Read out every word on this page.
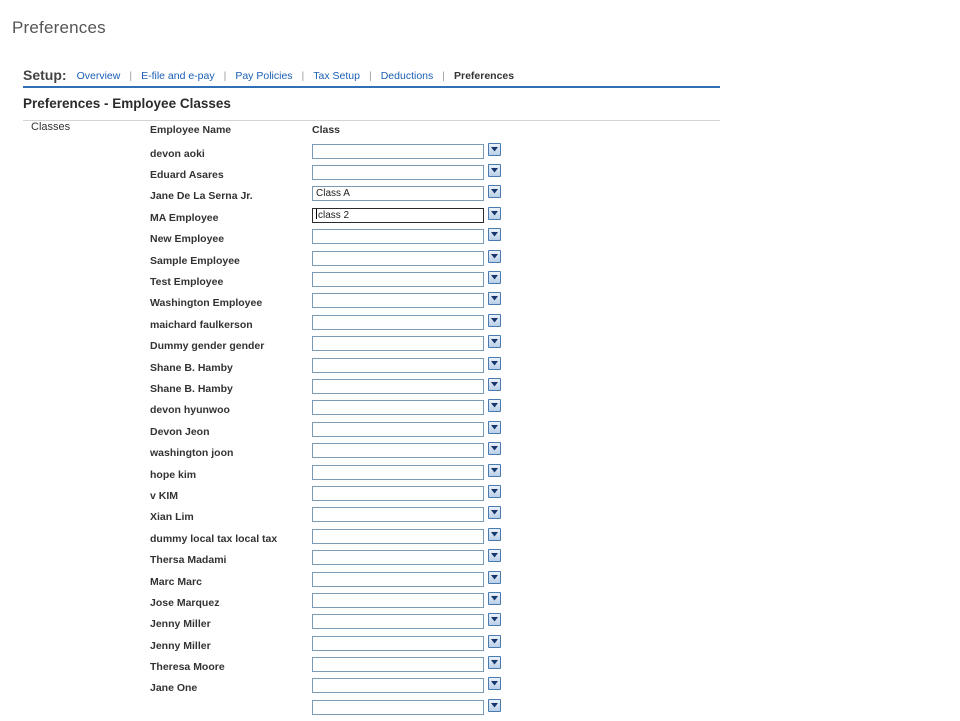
Preferences
Setup: Overview | E-file and e-pay | Pay Policies | Tax Setup | Deductions | Preferences
Preferences - Employee Classes
Classes	Employee Name	Class
devon aoki	

Eduard Asares	

Jane De La Serna Jr.	Class A

MA Employee	class 2

New Employee	

Sample Employee	

Test Employee	

Washington Employee	

maichard faulkerson	

Dummy gender gender	

Shane B. Hamby	

Shane B. Hamby	

devon hyunwoo	

Devon Jeon	

washington joon	

hope kim	

v KIM	

Xian Lim	

dummy local tax local tax	

Thersa Madami	

Marc Marc	

Jose Marquez	

Jenny Miller	

Jenny Miller	

Theresa Moore	

Jane One	
